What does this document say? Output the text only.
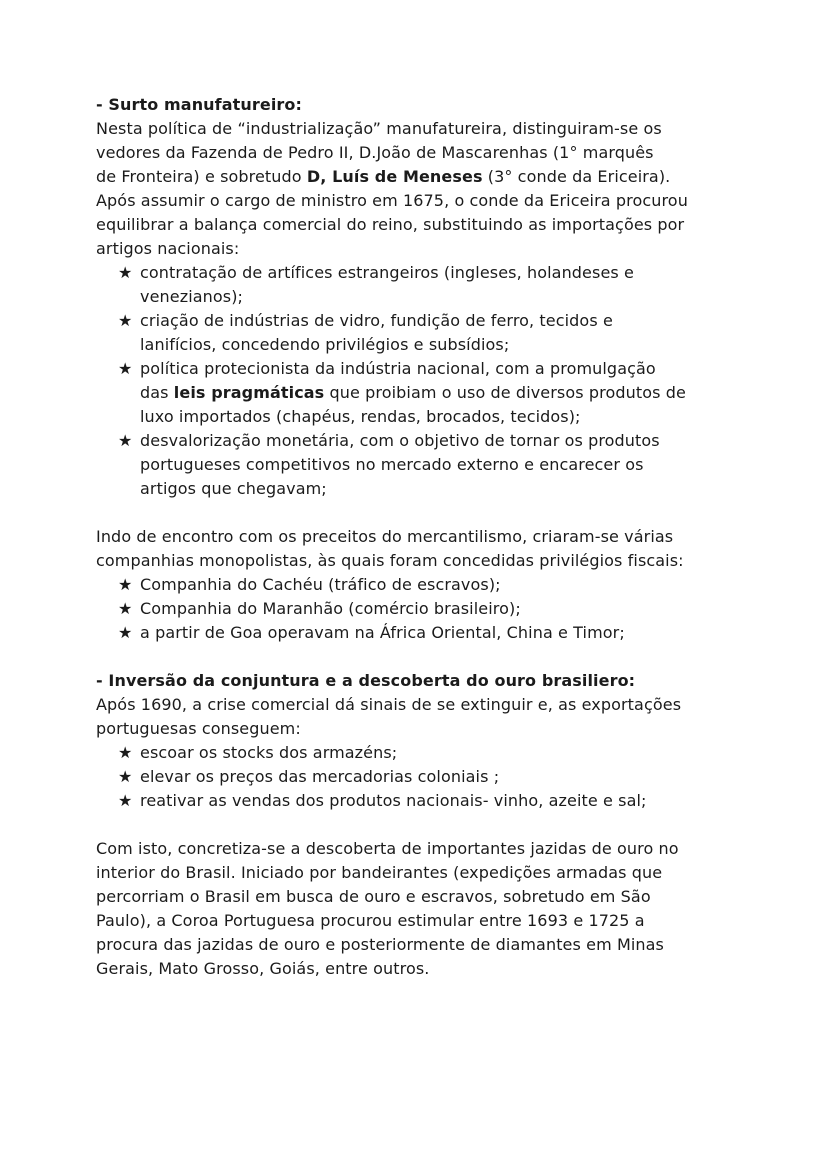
- Surto manufatureiro:
Nesta política de “industrialização” manufatureira, distinguiram-se os
vedores da Fazenda de Pedro II, D.João de Mascarenhas (1° marquês
de Fronteira) e sobretudo D, Luís de Meneses (3° conde da Ericeira).
Após assumir o cargo de ministro em 1675, o conde da Ericeira procurou
equilibrar a balança comercial do reino, substituindo as importações por
artigos nacionais:
★ contratação de artífices estrangeiros (ingleses, holandeses e
venezianos);
★ criação de indústrias de vidro, fundição de ferro, tecidos e
lanifícios, concedendo privilégios e subsídios;
★ política protecionista da indústria nacional, com a promulgação
das leis pragmáticas que proibiam o uso de diversos produtos de
luxo importados (chapéus, rendas, brocados, tecidos);
★ desvalorização monetária, com o objetivo de tornar os produtos
portugueses competitivos no mercado externo e encarecer os
artigos que chegavam;
Indo de encontro com os preceitos do mercantilismo, criaram-se várias
companhias monopolistas, às quais foram concedidas privilégios fiscais:
★ Companhia do Cachéu (tráfico de escravos);
★ Companhia do Maranhão (comércio brasileiro);
★ a partir de Goa operavam na África Oriental, China e Timor;
- Inversão da conjuntura e a descoberta do ouro brasiliero:
Após 1690, a crise comercial dá sinais de se extinguir e, as exportações
portuguesas conseguem:
★ escoar os stocks dos armazéns;
★ elevar os preços das mercadorias coloniais ;
★ reativar as vendas dos produtos nacionais- vinho, azeite e sal;
Com isto, concretiza-se a descoberta de importantes jazidas de ouro no
interior do Brasil. Iniciado por bandeirantes (expedições armadas que
percorriam o Brasil em busca de ouro e escravos, sobretudo em São
Paulo), a Coroa Portuguesa procurou estimular entre 1693 e 1725 a
procura das jazidas de ouro e posteriormente de diamantes em Minas
Gerais, Mato Grosso, Goiás, entre outros.
